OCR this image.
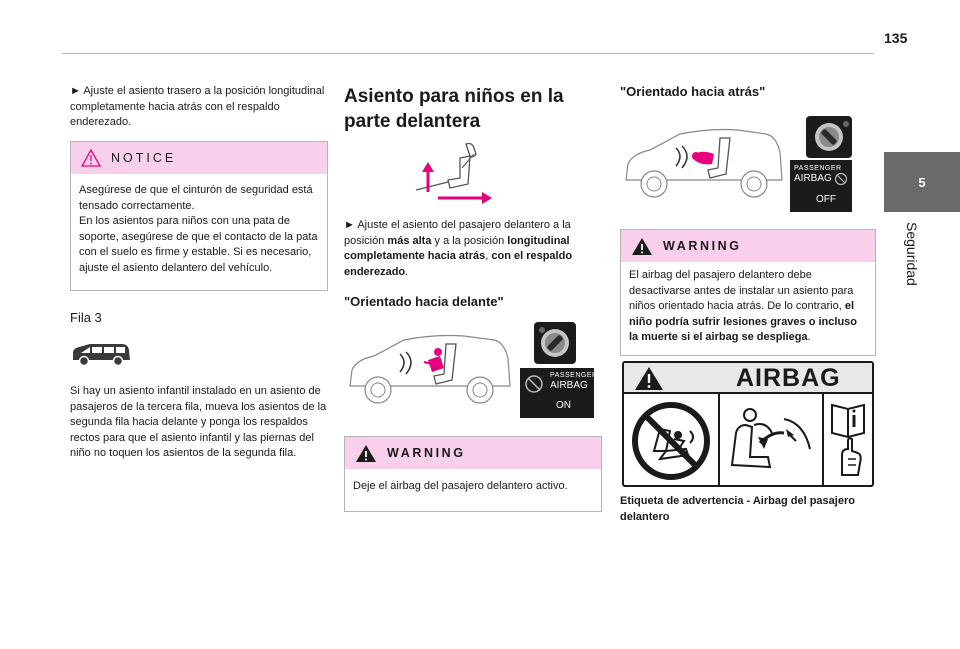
135
5
Seguridad
► Ajuste el asiento trasero a la posición longitudinal completamente hacia atrás con el respaldo enderezado.
NOTICE
Asegúrese de que el cinturón de seguridad está tensado correctamente.
En los asientos para niños con una pata de soporte, asegúrese de que el contacto de la pata con el suelo es firme y estable. Si es necesario, ajuste el asiento delantero del vehículo.
Fila 3
Si hay un asiento infantil instalado en un asiento de pasajeros de la tercera fila, mueva los asientos de la segunda fila hacia delante y ponga los respaldos rectos para que el asiento infantil y las piernas del niño no toquen los asientos de la segunda fila.
Asiento para niños en la parte delantera
► Ajuste el asiento del pasajero delantero a la posición más alta y a la posición longitudinal completamente hacia atrás, con el respaldo enderezado.
"Orientado hacia delante"
PASSENGER
AIRBAG
ON
WARNING
Deje el airbag del pasajero delantero activo.
"Orientado hacia atrás"
PASSENGER
AIRBAG
OFF
WARNING
El airbag del pasajero delantero debe desactivarse antes de instalar un asiento para niños orientado hacia atrás. De lo contrario, el niño podría sufrir lesiones graves o incluso la muerte si el airbag se despliega.
AIRBAG
Etiqueta de advertencia - Airbag del pasajero delantero
